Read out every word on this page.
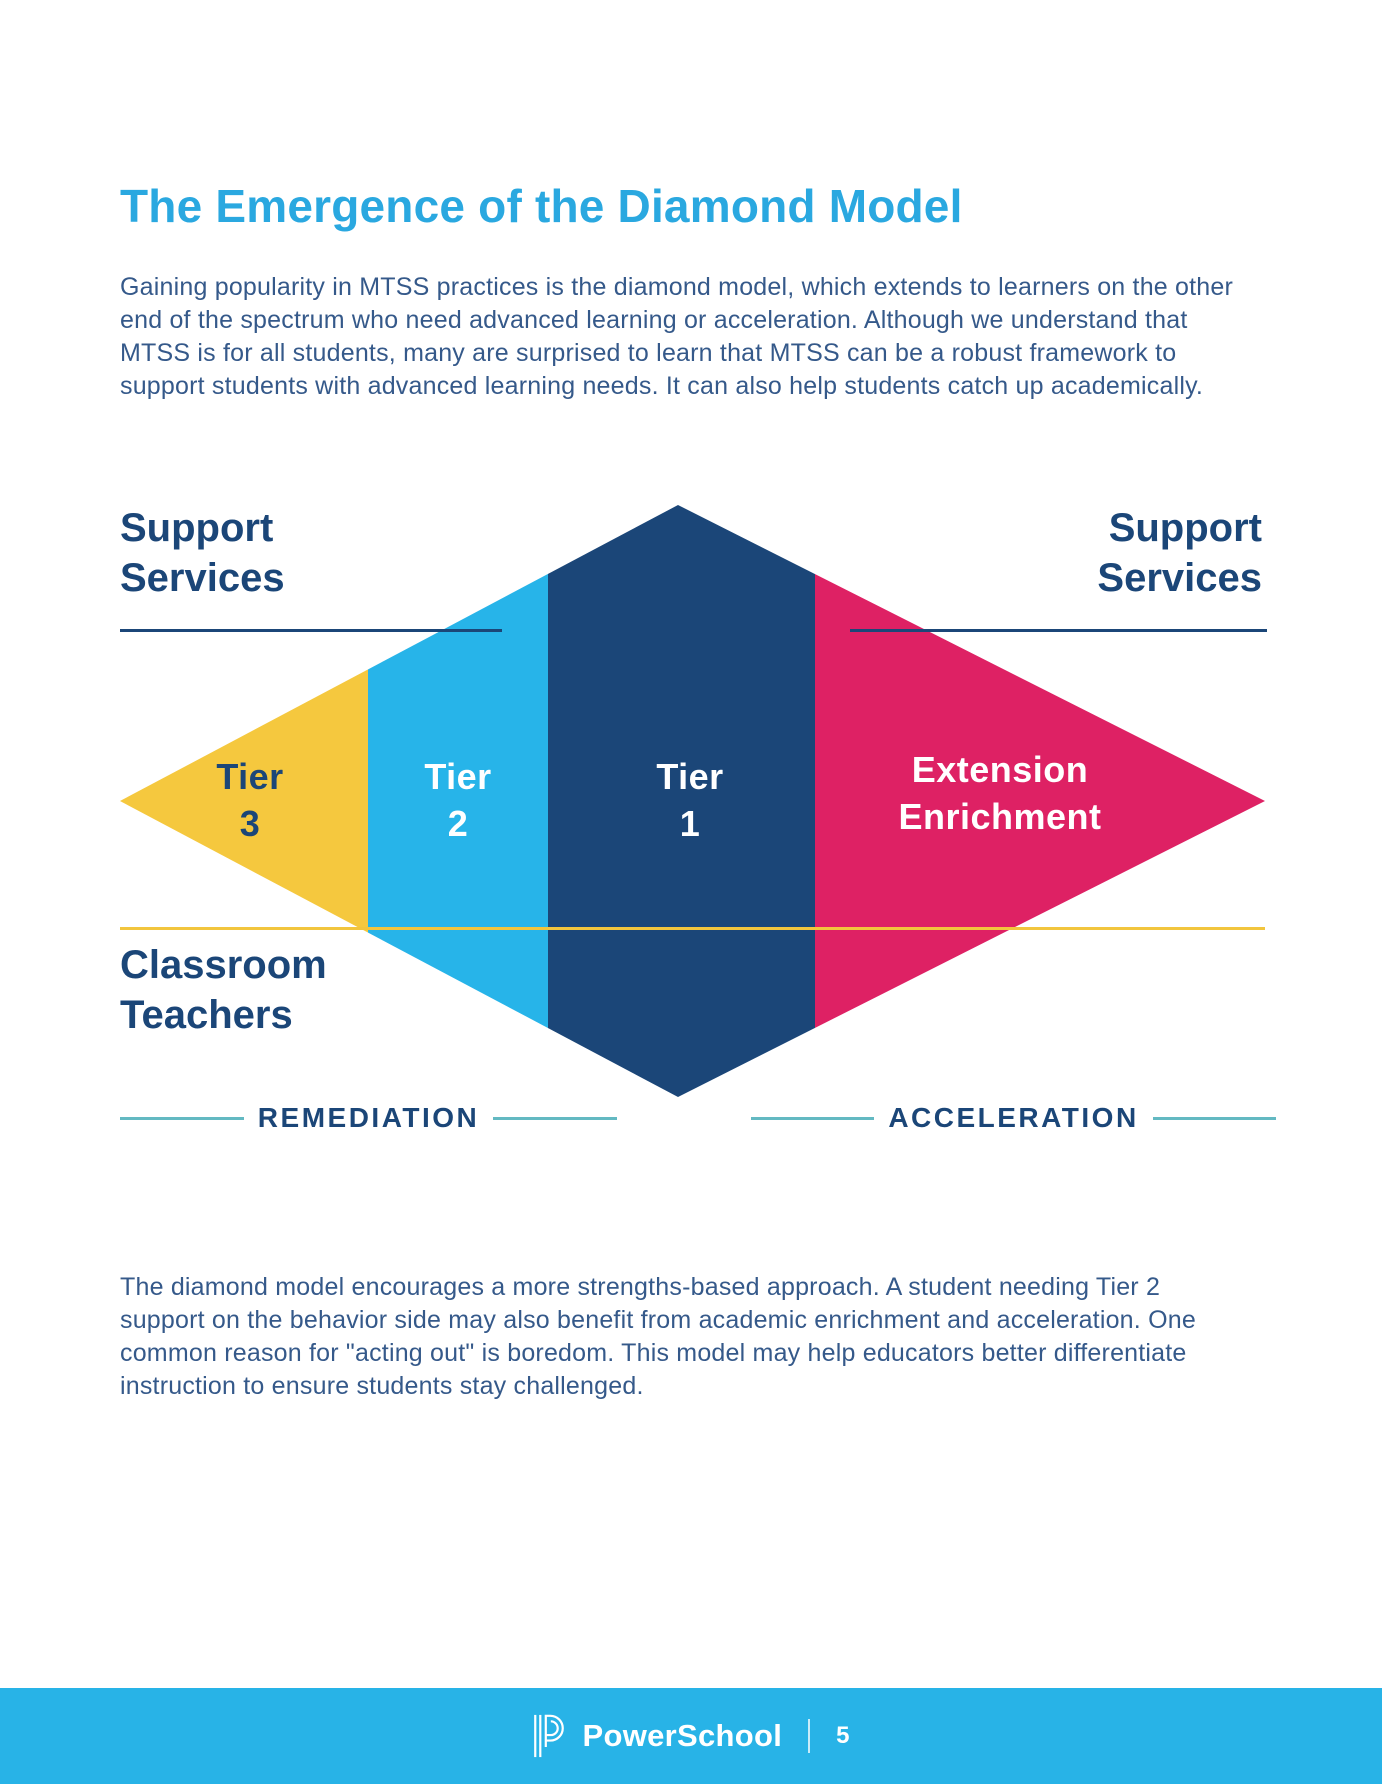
The Emergence of the Diamond Model

Gaining popularity in MTSS practices is the diamond model, which extends to learners on the other end of the spectrum who need advanced learning or acceleration. Although we understand that MTSS is for all students, many are surprised to learn that MTSS can be a robust framework to support students with advanced learning needs. It can also help students catch up academically.

Support Services
Support Services
Tier 3
Tier 2
Tier 1
Extension Enrichment
Classroom Teachers
REMEDIATION	ACCELERATION

The diamond model encourages a more strengths-based approach. A student needing Tier 2 support on the behavior side may also benefit from academic enrichment and acceleration. One common reason for "acting out" is boredom. This model may help educators better differentiate instruction to ensure students stay challenged.

PowerSchool 5
